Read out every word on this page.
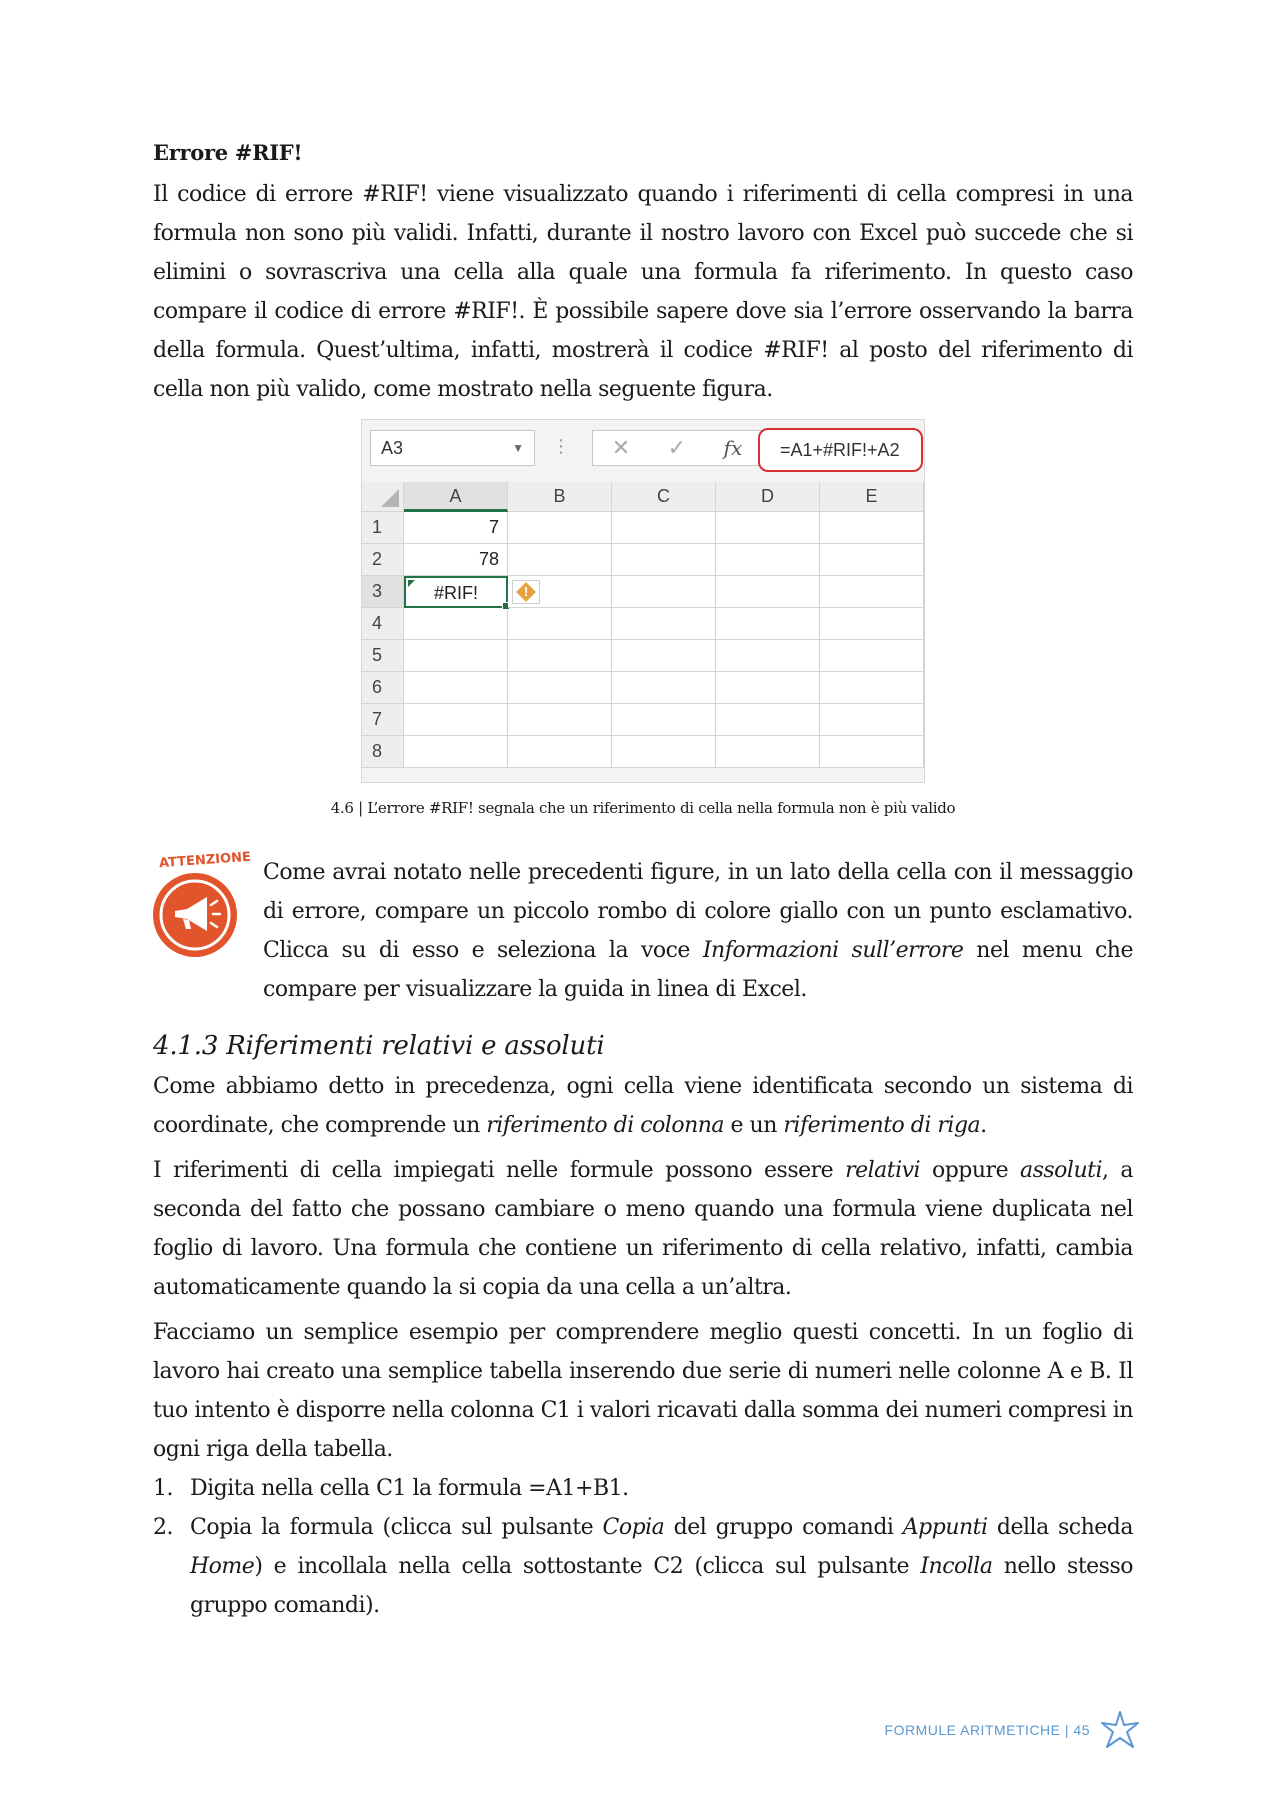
Errore #RIF!

Il codice di errore #RIF! viene visualizzato quando i riferimenti di cella compresi in una formula non sono più validi. Infatti, durante il nostro lavoro con Excel può succede che si elimini o sovrascriva una cella alla quale una formula fa riferimento. In questo caso compare il codice di errore #RIF!. È possibile sapere dove sia l’errore osservando la barra della formula. Quest’ultima, infatti, mostrerà il codice #RIF! al posto del riferimento di cella non più valido, come mostrato nella seguente figura.

A3	▼ ⋮ ✕ ✓ fx	=A1+#RIF!+A2
A	B	C	D	E
1	7
2	78
3	#RIF!	!
4
5
6
7
8
4.6 | L’errore #RIF! segnala che un riferimento di cella nella formula non è più valido
ATTENZIONE Come avrai notato nelle precedenti figure, in un lato della cella con il messaggio di errore, compare un piccolo rombo di colore giallo con un punto esclamativo. Clicca su di esso e seleziona la voce Informazioni sull’errore nel menu che compare per visualizzare la guida in linea di Excel.

4.1.3 Riferimenti relativi e assoluti

Come abbiamo detto in precedenza, ogni cella viene identificata secondo un sistema di coordinate, che comprende un riferimento di colonna e un riferimento di riga.

I riferimenti di cella impiegati nelle formule possono essere relativi oppure assoluti, a seconda del fatto che possano cambiare o meno quando una formula viene duplicata nel foglio di lavoro. Una formula che contiene un riferimento di cella relativo, infatti, cambia automaticamente quando la si copia da una cella a un’altra.

Facciamo un semplice esempio per comprendere meglio questi concetti. In un foglio di lavoro hai creato una semplice tabella inserendo due serie di numeri nelle colonne A e B. Il tuo intento è disporre nella colonna C1 i valori ricavati dalla somma dei numeri compresi in ogni riga della tabella.

1. Digita nella cella C1 la formula =A1+B1.
2. Copia la formula (clicca sul pulsante Copia del gruppo comandi Appunti della scheda Home) e incollala nella cella sottostante C2 (clicca sul pulsante Incolla nello stesso gruppo comandi).
FORMULE ARITMETICHE | 45
